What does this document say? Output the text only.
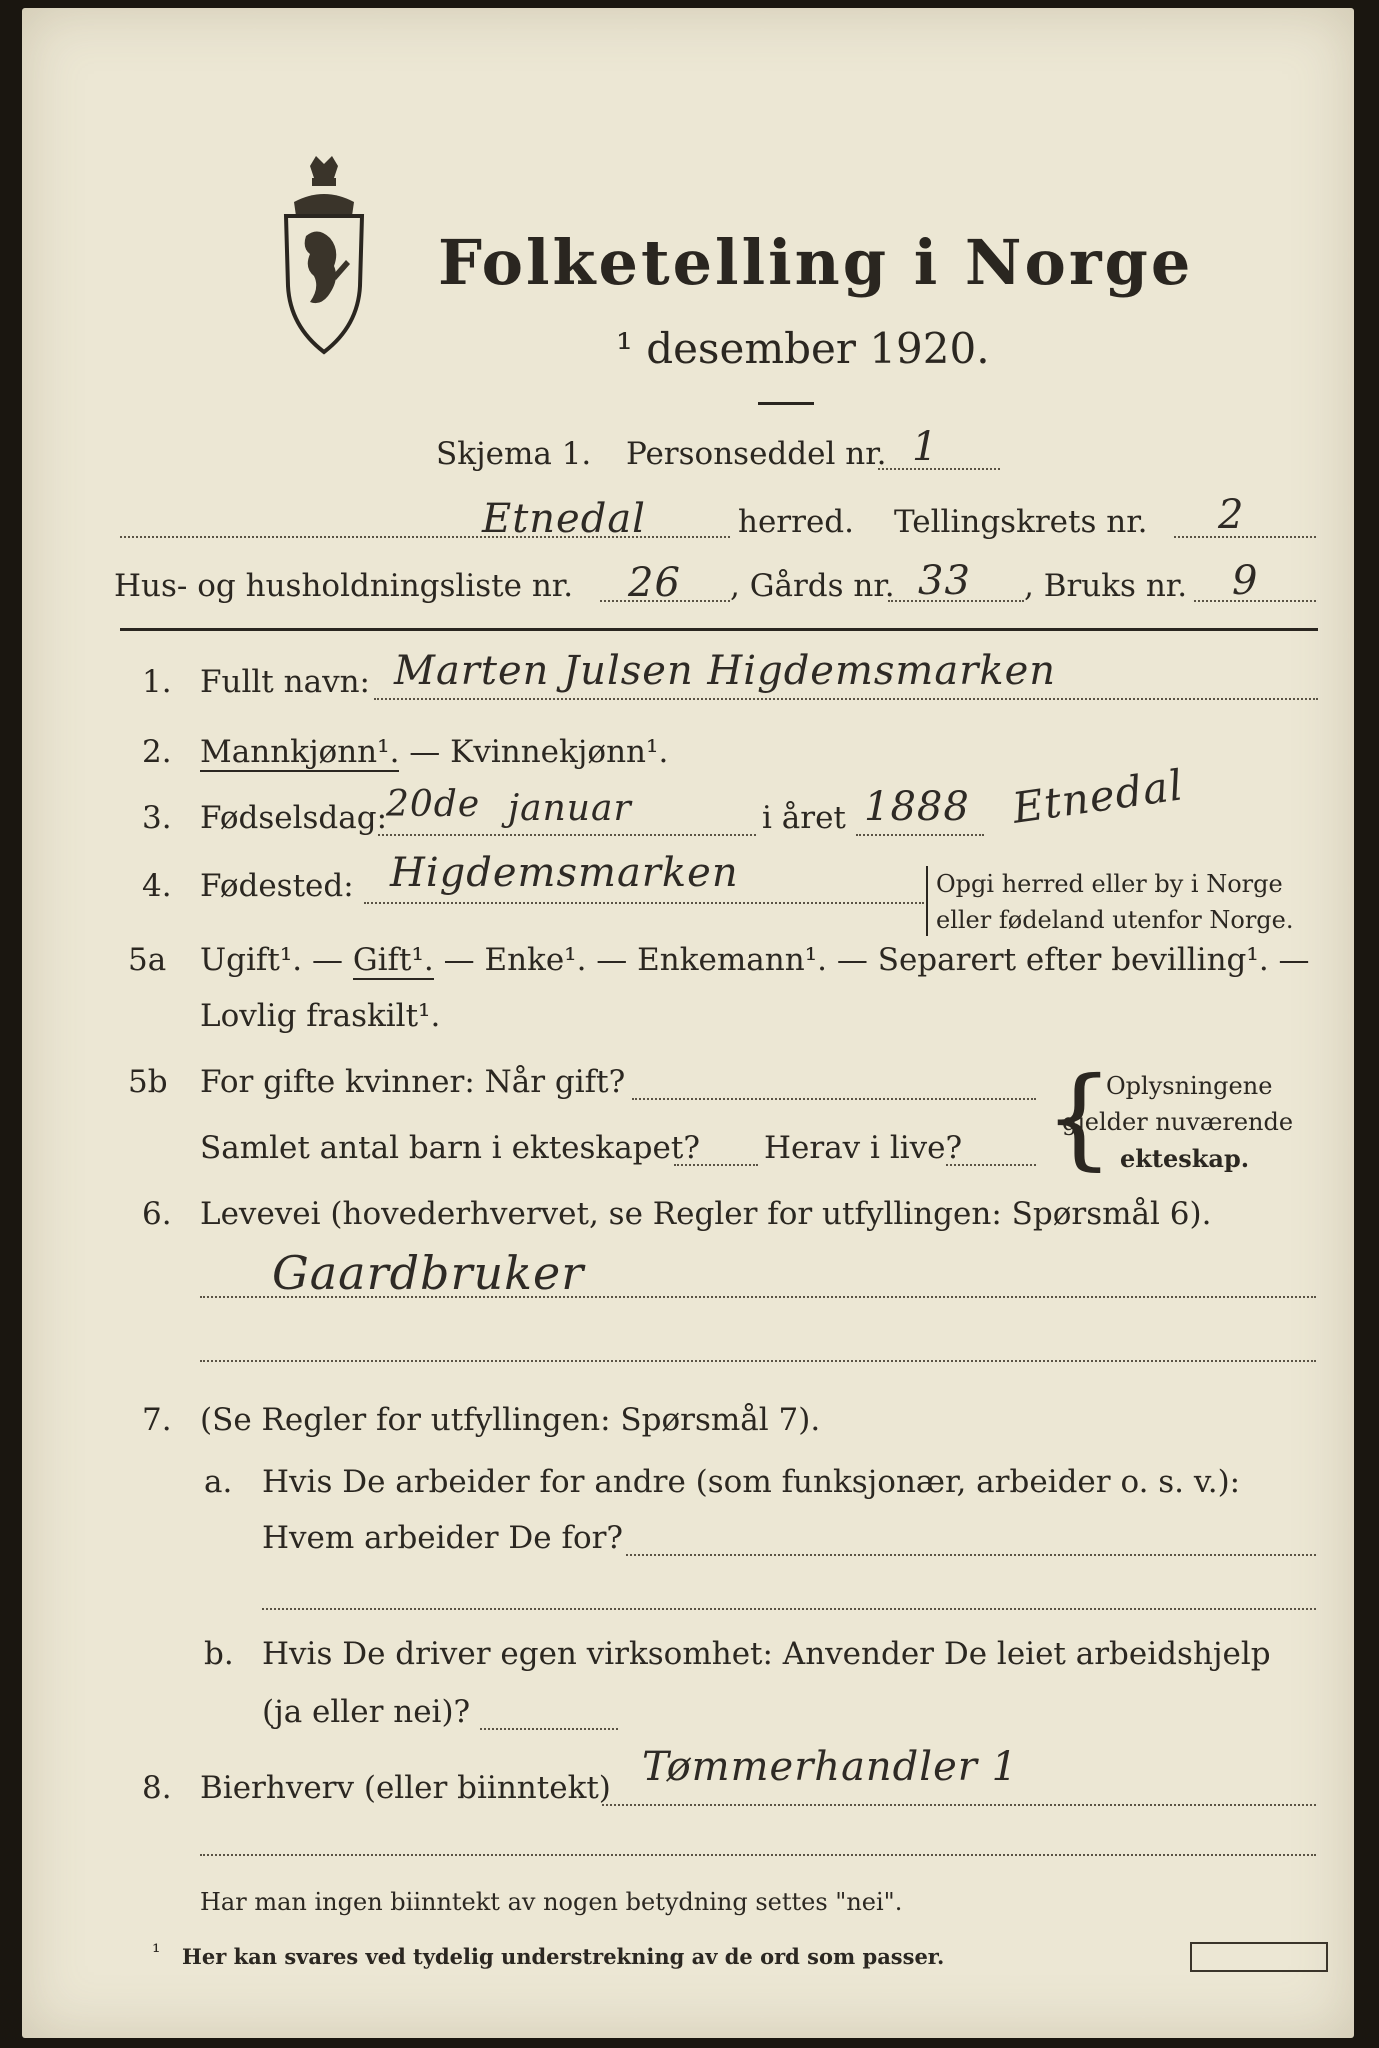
Folketelling i Norge
¹ desember 1920.
Skjema 1. Personseddel nr. 1
Etnedal	herred. Tellingskrets nr. 2
Hus- og husholdningsliste nr. 26 , Gårds nr. 33 , Bruks nr. 9
1. Fullt navn: Marten Julsen Higdemsmarken
2. Mannkjønn¹. — Kvinnekjønn¹.
3. Fødselsdag:
20de januar	i året 1888 Etnedal
4. Fødested: Higdemsmarken	Opgi herred eller by i Norge
eller fødeland utenfor Norge.
5a Ugift¹. — Gift¹. — Enke¹. — Enkemann¹. — Separert efter bevilling¹. —
Lovlig fraskilt¹.
5b For gifte kvinner: Når gift?
Samlet antal barn i ekteskapet? Herav i live? {
Oplysningene
gjelder nuværende
ekteskap.
6. Levevei (hovederhvervet, se Regler for utfyllingen: Spørsmål 6).
Gaardbruker
7. (Se Regler for utfyllingen: Spørsmål 7).
a. Hvis De arbeider for andre (som funksjonær, arbeider o. s. v.):
Hvem arbeider De for?
b. Hvis De driver egen virksomhet: Anvender De leiet arbeidshjelp
(ja eller nei)?
8. Bierhverv (eller biinntekt) Tømmerhandler 1
Har man ingen biinntekt av nogen betydning settes "nei".
¹ Her kan svares ved tydelig understrekning av de ord som passer.
